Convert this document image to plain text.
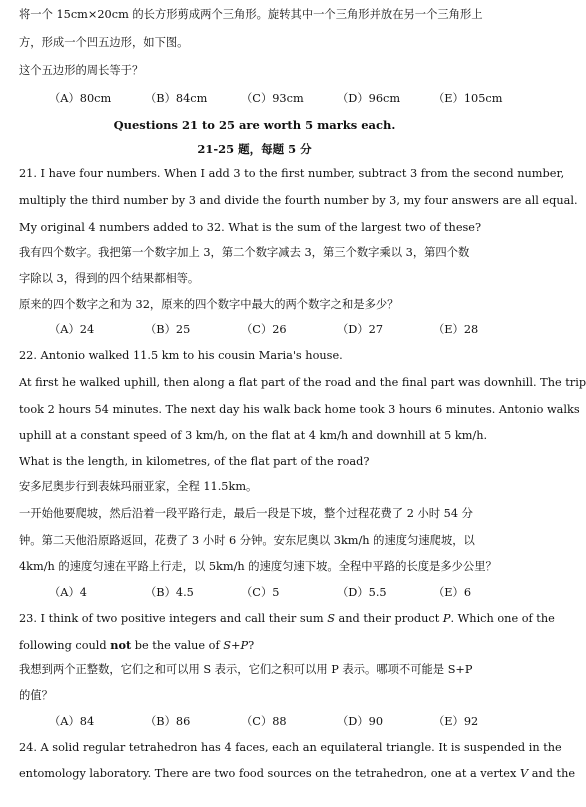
将一个 15cm×20cm 的长方形剪成两个三角形。旋转其中一个三角形并放在另一个三角形上
方，形成一个凹五边形，如下图。
这个五边形的周长等于？
（A）80cm	（B）84cm	（C）93cm	（D）96cm	（E）105cm
Questions 21 to 25 are worth 5 marks each.
21-25 题，每题 5 分
21. I have four numbers. When I add 3 to the first number, subtract 3 from the second number,
multiply the third number by 3 and divide the fourth number by 3, my four answers are all equal.
My original 4 numbers added to 32. What is the sum of the largest two of these?
我有四个数字。我把第一个数字加上 3，第二个数字减去 3，第三个数字乘以 3，第四个数
字除以 3，得到的四个结果都相等。
原来的四个数字之和为 32，原来的四个数字中最大的两个数字之和是多少？
（A）24	（B）25	（C）26	（D）27	（E）28
22. Antonio walked 11.5 km to his cousin Maria's house.
At first he walked uphill, then along a flat part of the road and the final part was downhill. The trip
took 2 hours 54 minutes. The next day his walk back home took 3 hours 6 minutes. Antonio walks
uphill at a constant speed of 3 km/h, on the flat at 4 km/h and downhill at 5 km/h.
What is the length, in kilometres, of the flat part of the road?
安多尼奥步行到表妹玛丽亚家，全程 11.5km。
一开始他要爬坡，然后沿着一段平路行走，最后一段是下坡，整个过程花费了 2 小时 54 分
钟。第二天他沿原路返回，花费了 3 小时 6 分钟。安东尼奥以 3km/h 的速度匀速爬坡，以
4km/h 的速度匀速在平路上行走，以 5km/h 的速度匀速下坡。全程中平路的长度是多少公里？
（A）4	（B）4.5	（C）5	（D）5.5	（E）6
23. I think of two positive integers and call their sum S and their product P. Which one of the
following could not be the value of S+P?
我想到两个正整数，它们之和可以用 S 表示，它们之积可以用 P 表示。哪项不可能是 S+P
的值？
（A）84	（B）86	（C）88	（D）90	（E）92
24. A solid regular tetrahedron has 4 faces, each an equilateral triangle. It is suspended in the
entomology laboratory. There are two food sources on the tetrahedron, one at a vertex V and the
